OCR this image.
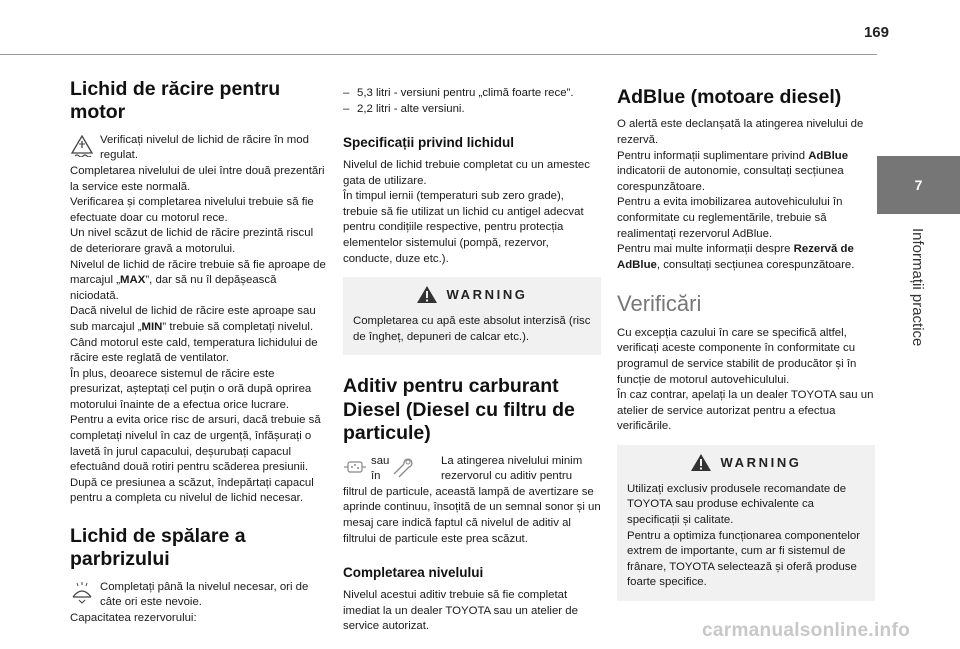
169
7
Informații practice
Lichid de răcire pentru motor
Verificați nivelul de lichid de răcire în mod regulat.

Completarea nivelului de ulei între două prezentări la service este normală.
Verificarea și completarea nivelului trebuie să fie efectuate doar cu motorul rece.
Un nivel scăzut de lichid de răcire prezintă riscul de deteriorare gravă a motorului.
Nivelul de lichid de răcire trebuie să fie aproape de marcajul „MAX”, dar să nu îl depășească niciodată.
Dacă nivelul de lichid de răcire este aproape sau sub marcajul „MIN” trebuie să completați nivelul.
Când motorul este cald, temperatura lichidului de răcire este reglată de ventilator.
În plus, deoarece sistemul de răcire este presurizat, așteptați cel puțin o oră după oprirea motorului înainte de a efectua orice lucrare.
Pentru a evita orice risc de arsuri, dacă trebuie să completați nivelul în caz de urgență, înfășurați o lavetă în jurul capacului, deșurubați capacul efectuând două rotiri pentru scăderea presiunii.
După ce presiunea a scăzut, îndepărtați capacul pentru a completa cu nivelul de lichid necesar.

Lichid de spălare a parbrizului
Completați până la nivelul necesar, ori de câte ori este nevoie.

Capacitatea rezervorului:

– 5,3 litri - versiuni pentru „climă foarte rece”.
– 2,2 litri - alte versiuni.
Specificații privind lichidul

Nivelul de lichid trebuie completat cu un amestec gata de utilizare.
În timpul iernii (temperaturi sub zero grade), trebuie să fie utilizat un lichid cu antigel adecvat pentru condițiile respective, pentru protecția elementelor sistemului (pompă, rezervor, conducte, duze etc.).

WARNING

Completarea cu apă este absolut interzisă (risc de îngheț, depuneri de calcar etc.).

Aditiv pentru carburant Diesel (Diesel cu filtru de particule)
sau în
La atingerea nivelului minim rezervorul cu aditiv pentru

filtrul de particule, această lampă de avertizare se aprinde continuu, însoțită de un semnal sonor și un mesaj care indică faptul că nivelul de aditiv al filtrului de particule este prea scăzut.

Completarea nivelului

Nivelul acestui aditiv trebuie să fie completat imediat la un dealer TOYOTA sau un atelier de service autorizat.

AdBlue (motoare diesel)

O alertă este declanșată la atingerea nivelului de rezervă.
Pentru informații suplimentare privind AdBlue indicatorii de autonomie, consultați secțiunea corespunzătoare.
Pentru a evita imobilizarea autovehiculului în conformitate cu reglementările, trebuie să realimentați rezervorul AdBlue.
Pentru mai multe informații despre Rezervă de AdBlue, consultați secțiunea corespunzătoare.

Verificări

Cu excepția cazului în care se specifică altfel, verificați aceste componente în conformitate cu programul de service stabilit de producător și în funcție de motorul autovehiculului.
În caz contrar, apelați la un dealer TOYOTA sau un atelier de service autorizat pentru a efectua verificările.

WARNING

Utilizați exclusiv produsele recomandate de TOYOTA sau produse echivalente ca specificații și calitate.
Pentru a optimiza funcționarea componentelor extrem de importante, cum ar fi sistemul de frânare, TOYOTA selectează și oferă produse foarte specifice.

carmanualsonline.info
